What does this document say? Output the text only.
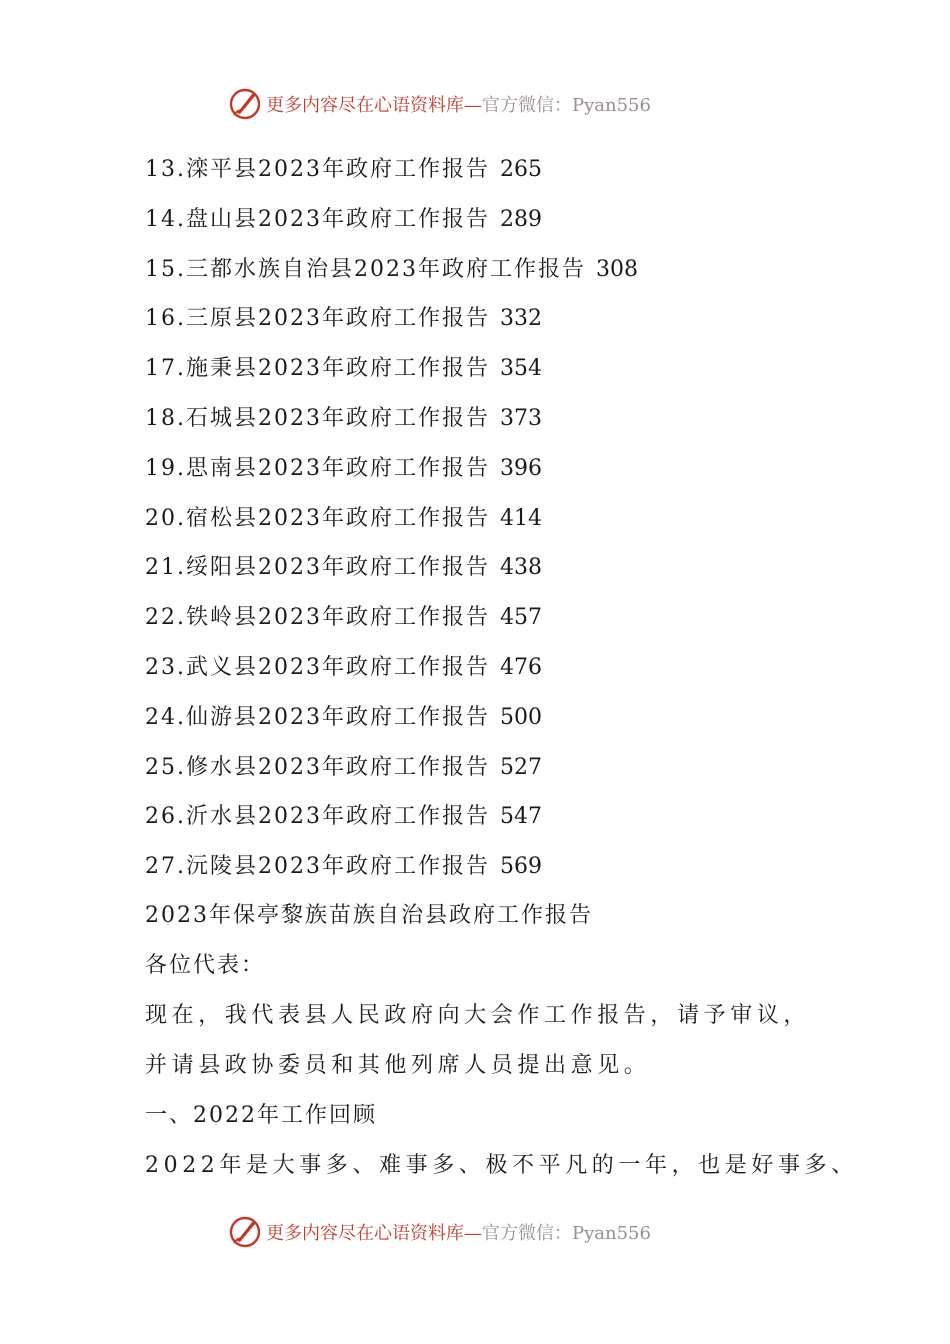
更多内容尽在心语资料库— 官方微信：Pyan556
13.滦平县2023年政府工作报告 265
14.盘山县2023年政府工作报告 289
15.三都水族自治县2023年政府工作报告 308
16.三原县2023年政府工作报告 332
17.施秉县2023年政府工作报告 354
18.石城县2023年政府工作报告 373
19.思南县2023年政府工作报告 396
20.宿松县2023年政府工作报告 414
21.绥阳县2023年政府工作报告 438
22.铁岭县2023年政府工作报告 457
23.武义县2023年政府工作报告 476
24.仙游县2023年政府工作报告 500
25.修水县2023年政府工作报告 527
26.沂水县2023年政府工作报告 547
27.沅陵县2023年政府工作报告 569

2023年保亭黎族苗族自治县政府工作报告

各位代表：

现在，我代表县人民政府向大会作工作报告，请予审议，

并请县政协委员和其他列席人员提出意见。

一、2022年工作回顾

2022年是大事多、难事多、极不平凡的一年，也是好事多、

更多内容尽在心语资料库— 官方微信：Pyan556
